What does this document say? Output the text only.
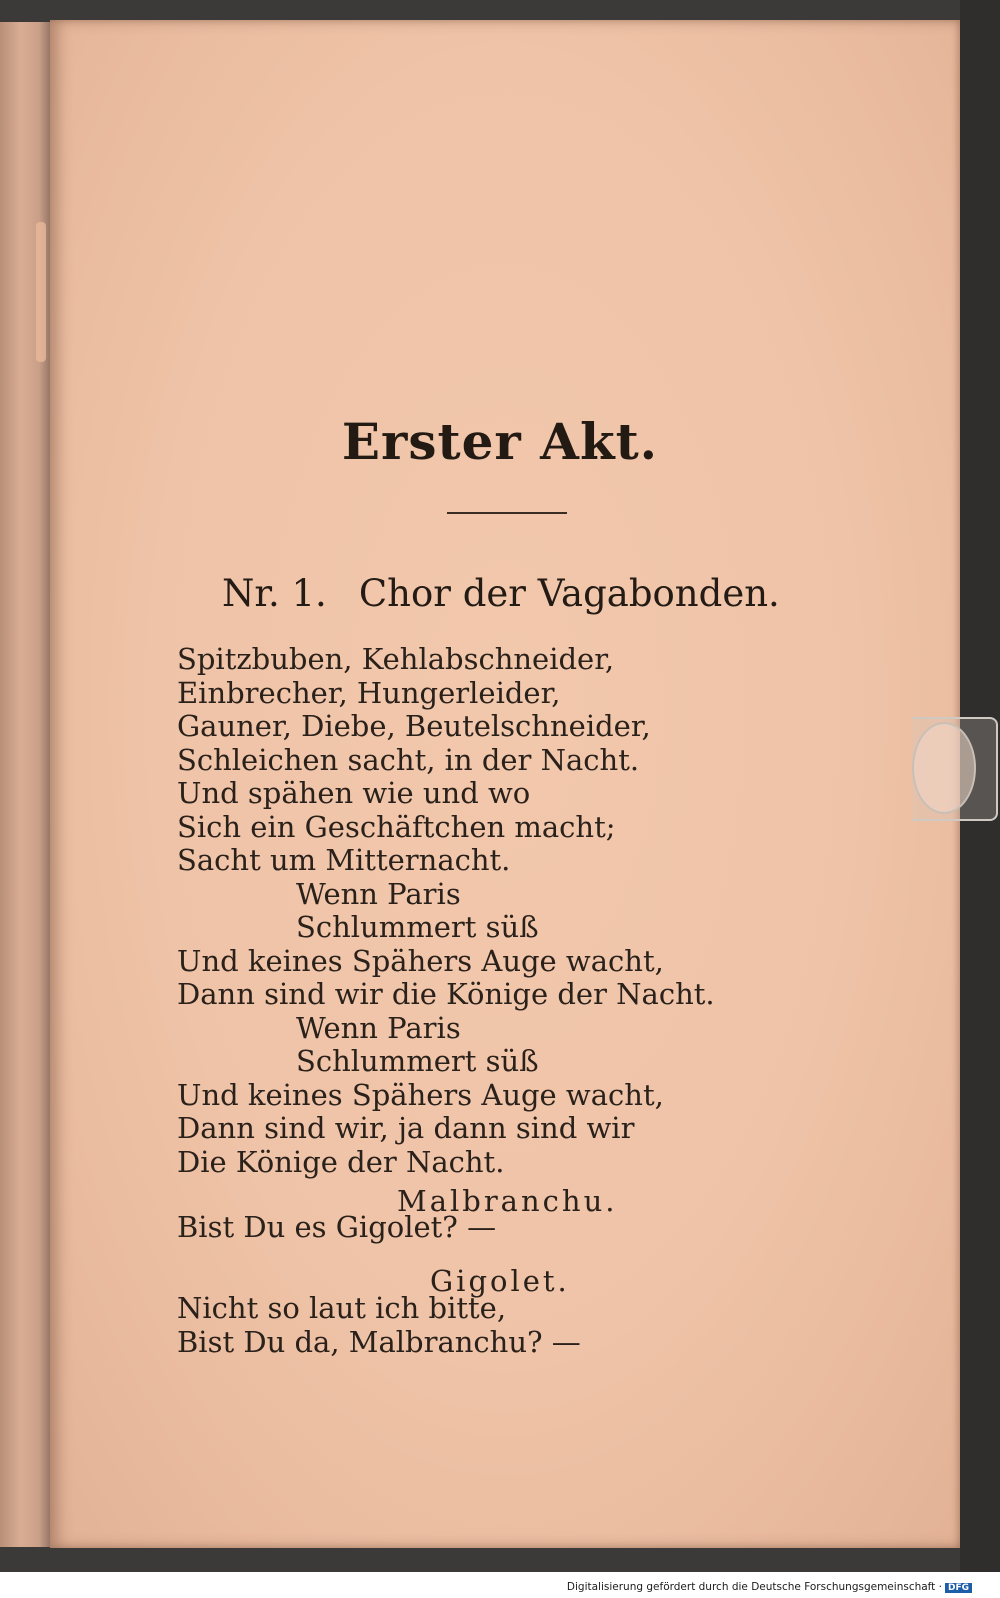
Erster Akt.
Nr. 1. Chor der Vagabonden.
Spitzbuben, Kehlabschneider,
Einbrecher, Hungerleider,
Gauner, Diebe, Beutelschneider,
Schleichen sacht, in der Nacht.
Und spähen wie und wo
Sich ein Geschäftchen macht;
Sacht um Mitternacht.
Wenn Paris
Schlummert süß
Und keines Spähers Auge wacht,
Dann sind wir die Könige der Nacht.
Wenn Paris
Schlummert süß
Und keines Spähers Auge wacht,
Dann sind wir, ja dann sind wir
Die Könige der Nacht.
Malbranchu.
Bist Du es Gigolet? —
Gigolet.
Nicht so laut ich bitte,
Bist Du da, Malbranchu? —
Digitalisierung gefördert durch die Deutsche Forschungsgemeinschaft · DFG
